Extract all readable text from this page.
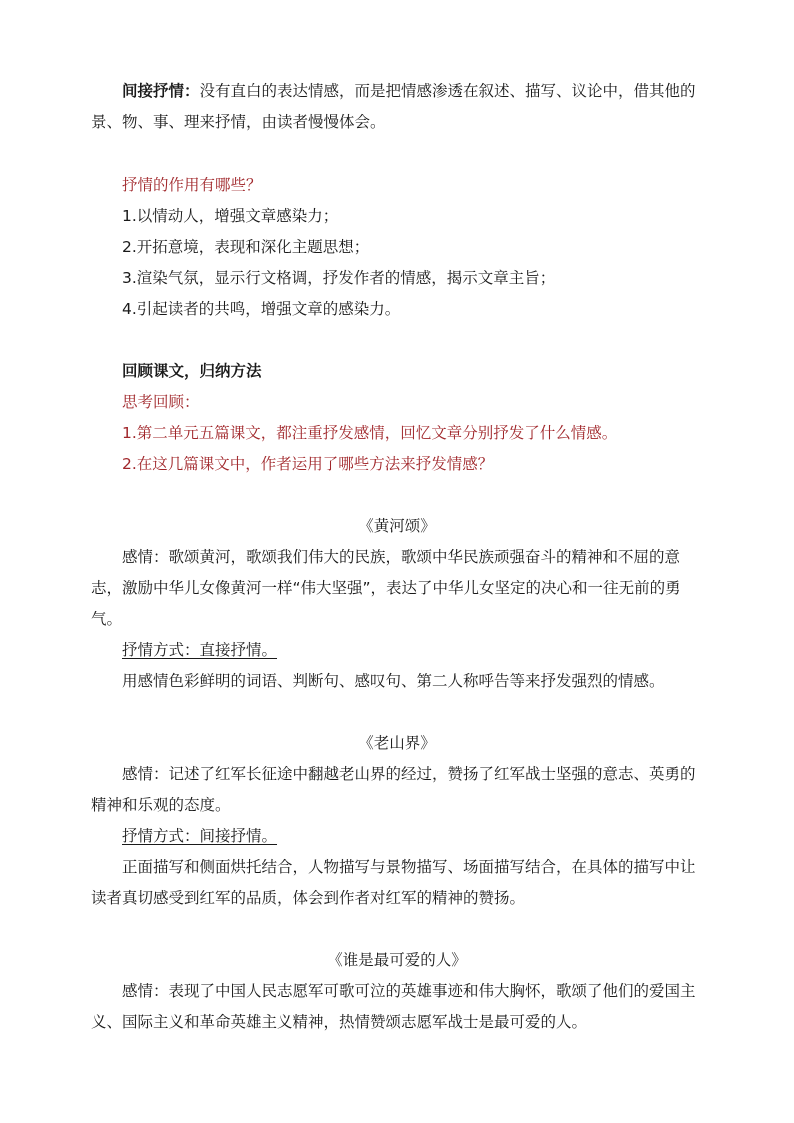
间接抒情：没有直白的表达情感，而是把情感渗透在叙述、描写、议论中，借其他的景、物、事、理来抒情，由读者慢慢体会。

抒情的作用有哪些？

1.以情动人，增强文章感染力；

2.开拓意境，表现和深化主题思想；

3.渲染气氛，显示行文格调，抒发作者的情感，揭示文章主旨；

4.引起读者的共鸣，增强文章的感染力。

回顾课文，归纳方法

思考回顾：

1.第二单元五篇课文，都注重抒发感情，回忆文章分别抒发了什么情感。

2.在这几篇课文中，作者运用了哪些方法来抒发情感？

《黄河颂》

感情：歌颂黄河，歌颂我们伟大的民族，歌颂中华民族顽强奋斗的精神和不屈的意志，激励中华儿女像黄河一样“伟大坚强”，表达了中华儿女坚定的决心和一往无前的勇气。

抒情方式：直接抒情。

用感情色彩鲜明的词语、判断句、感叹句、第二人称呼告等来抒发强烈的情感。

《老山界》

感情：记述了红军长征途中翻越老山界的经过，赞扬了红军战士坚强的意志、英勇的精神和乐观的态度。

抒情方式：间接抒情。

正面描写和侧面烘托结合，人物描写与景物描写、场面描写结合，在具体的描写中让读者真切感受到红军的品质，体会到作者对红军的精神的赞扬。

《谁是最可爱的人》

感情：表现了中国人民志愿军可歌可泣的英雄事迹和伟大胸怀，歌颂了他们的爱国主义、国际主义和革命英雄主义精神，热情赞颂志愿军战士是最可爱的人。
